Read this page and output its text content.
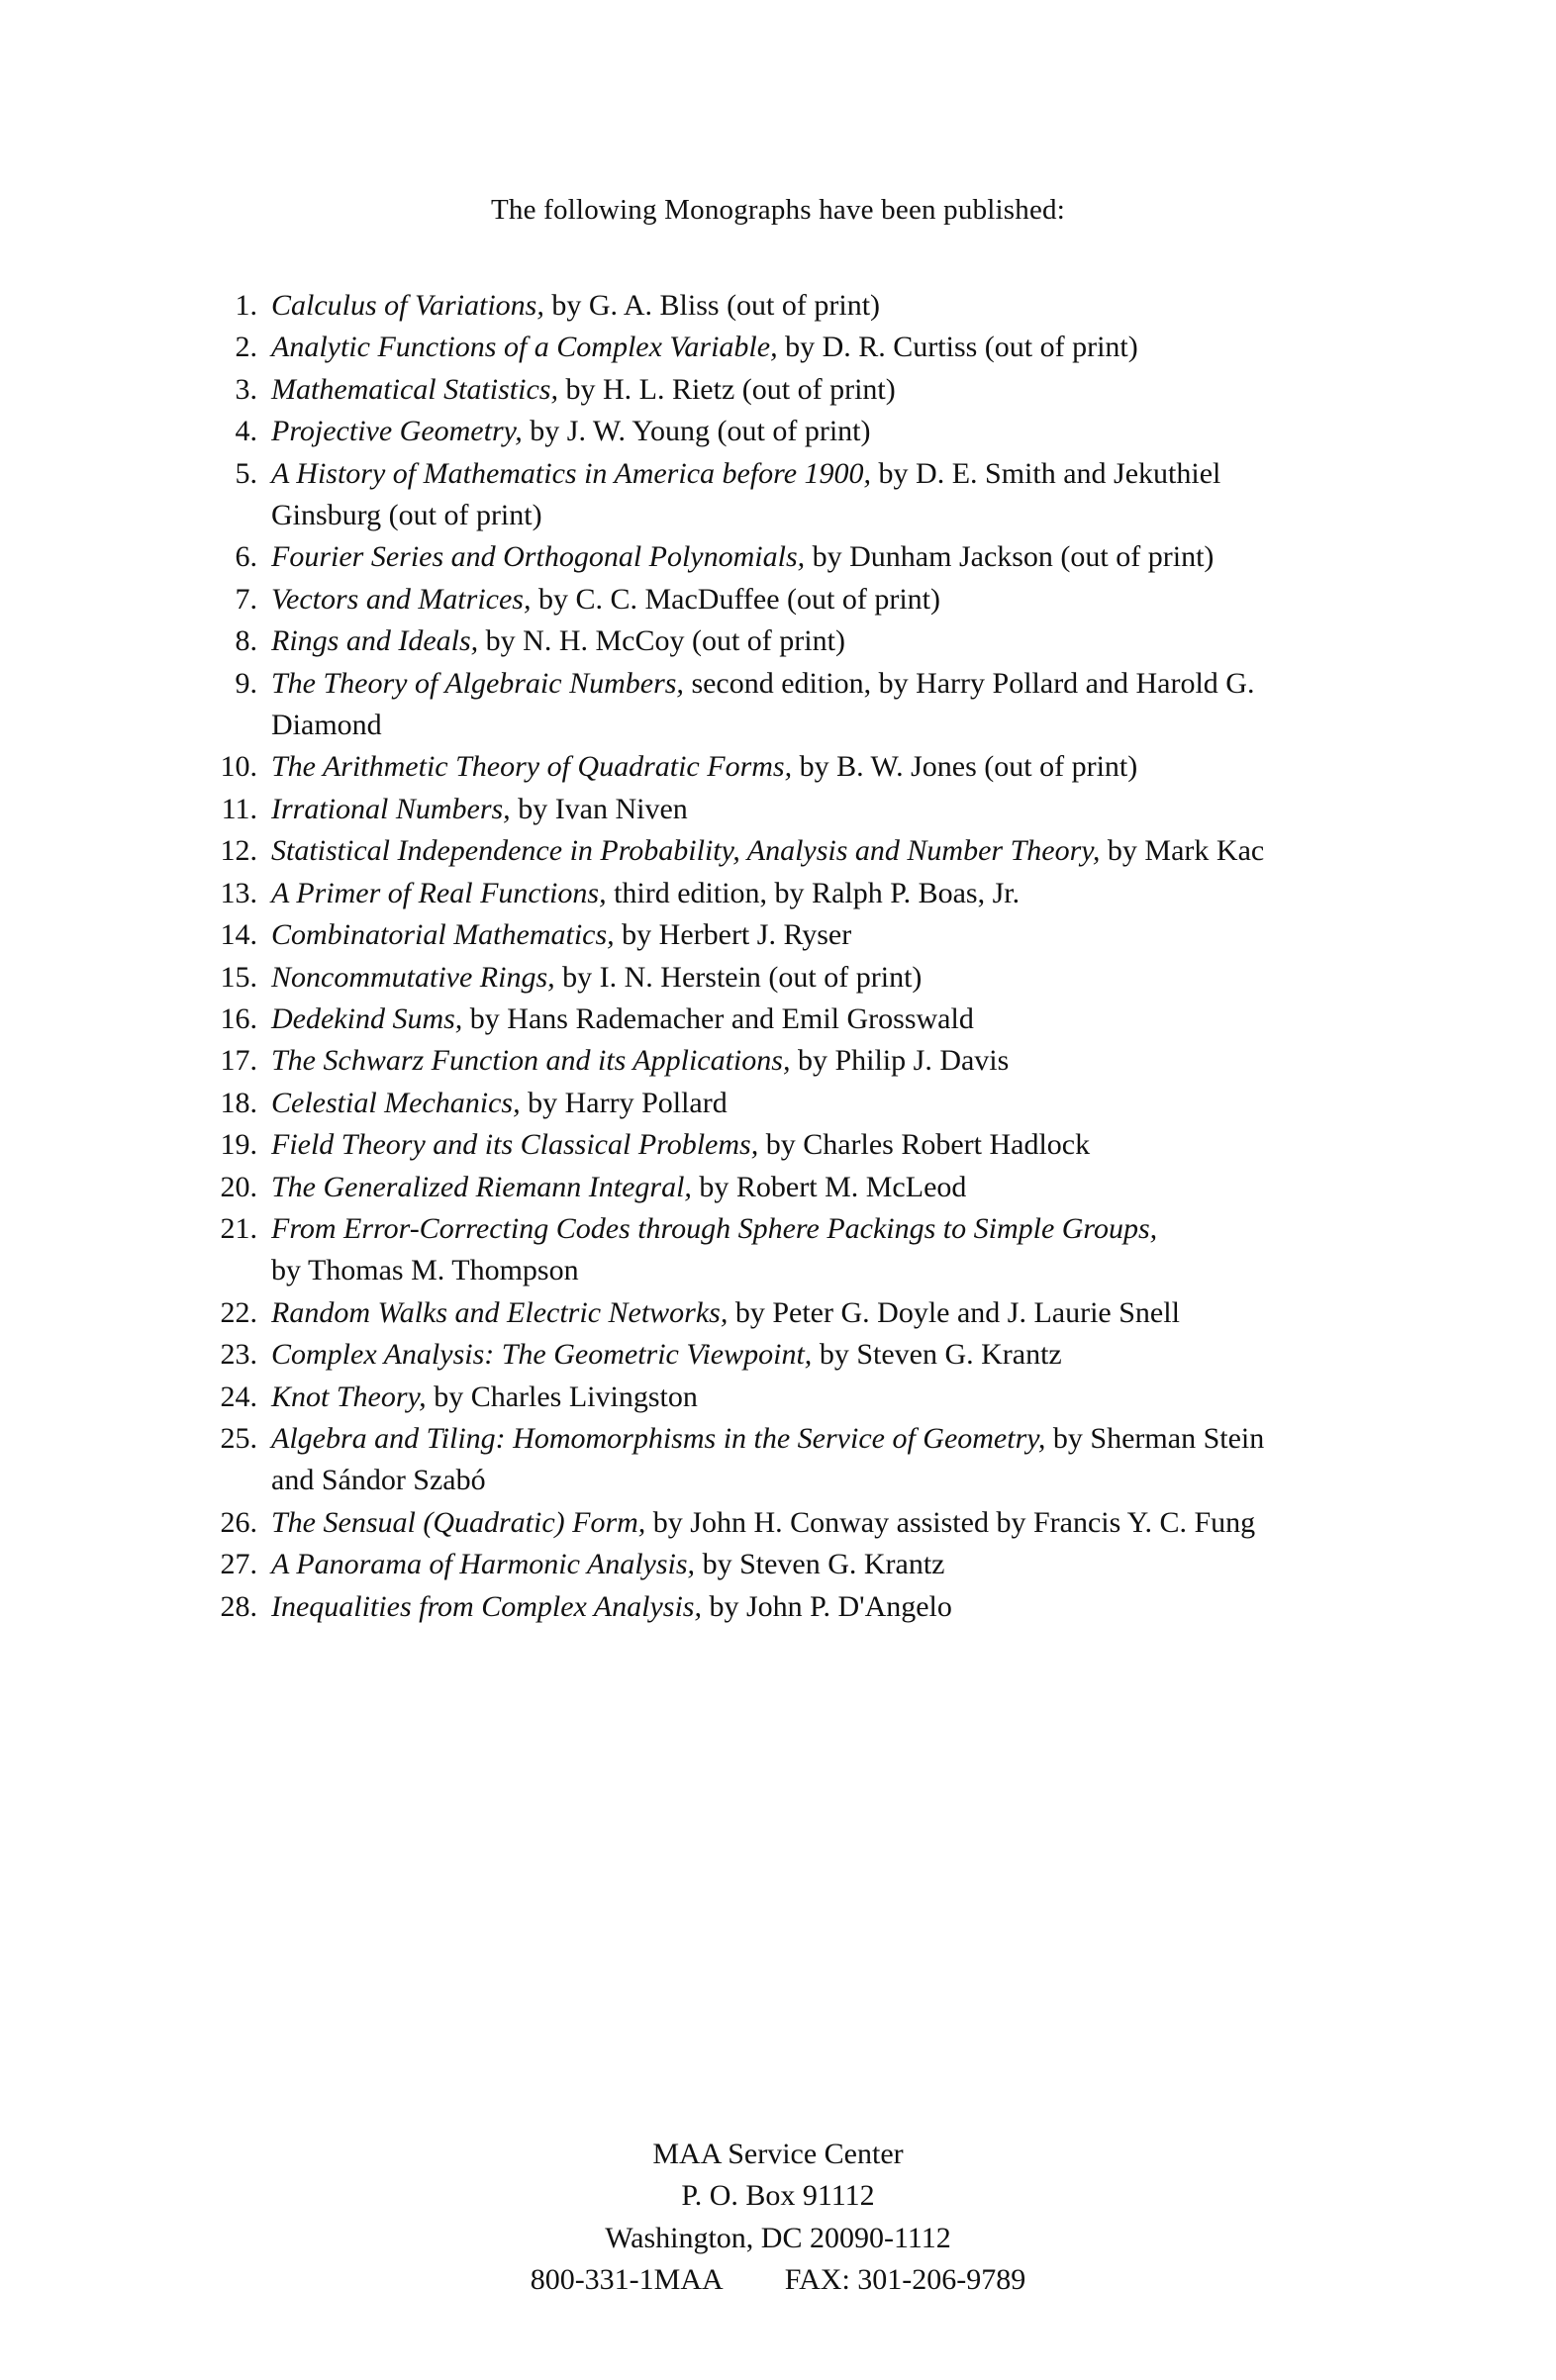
The following Monographs have been published:
1. Calculus of Variations, by G. A. Bliss (out of print)
2. Analytic Functions of a Complex Variable, by D. R. Curtiss (out of print)
3. Mathematical Statistics, by H. L. Rietz (out of print)
4. Projective Geometry, by J. W. Young (out of print)
5. A History of Mathematics in America before 1900, by D. E. Smith and Jekuthiel
Ginsburg (out of print)
6. Fourier Series and Orthogonal Polynomials, by Dunham Jackson (out of print)
7. Vectors and Matrices, by C. C. MacDuffee (out of print)
8. Rings and Ideals, by N. H. McCoy (out of print)
9. The Theory of Algebraic Numbers, second edition, by Harry Pollard and Harold G.
Diamond
10. The Arithmetic Theory of Quadratic Forms, by B. W. Jones (out of print)
11. Irrational Numbers, by Ivan Niven
12. Statistical Independence in Probability, Analysis and Number Theory, by Mark Kac
13. A Primer of Real Functions, third edition, by Ralph P. Boas, Jr.
14. Combinatorial Mathematics, by Herbert J. Ryser
15. Noncommutative Rings, by I. N. Herstein (out of print)
16. Dedekind Sums, by Hans Rademacher and Emil Grosswald
17. The Schwarz Function and its Applications, by Philip J. Davis
18. Celestial Mechanics, by Harry Pollard
19. Field Theory and its Classical Problems, by Charles Robert Hadlock
20. The Generalized Riemann Integral, by Robert M. McLeod
21. From Error-Correcting Codes through Sphere Packings to Simple Groups,
by Thomas M. Thompson
22. Random Walks and Electric Networks, by Peter G. Doyle and J. Laurie Snell
23. Complex Analysis: The Geometric Viewpoint, by Steven G. Krantz
24. Knot Theory, by Charles Livingston
25. Algebra and Tiling: Homomorphisms in the Service of Geometry, by Sherman Stein
and Sándor Szabó
26. The Sensual (Quadratic) Form, by John H. Conway assisted by Francis Y. C. Fung
27. A Panorama of Harmonic Analysis, by Steven G. Krantz
28. Inequalities from Complex Analysis, by John P. D'Angelo
MAA Service Center
P. O. Box 91112
Washington, DC 20090-1112
800-331-1MAA FAX: 301-206-9789
